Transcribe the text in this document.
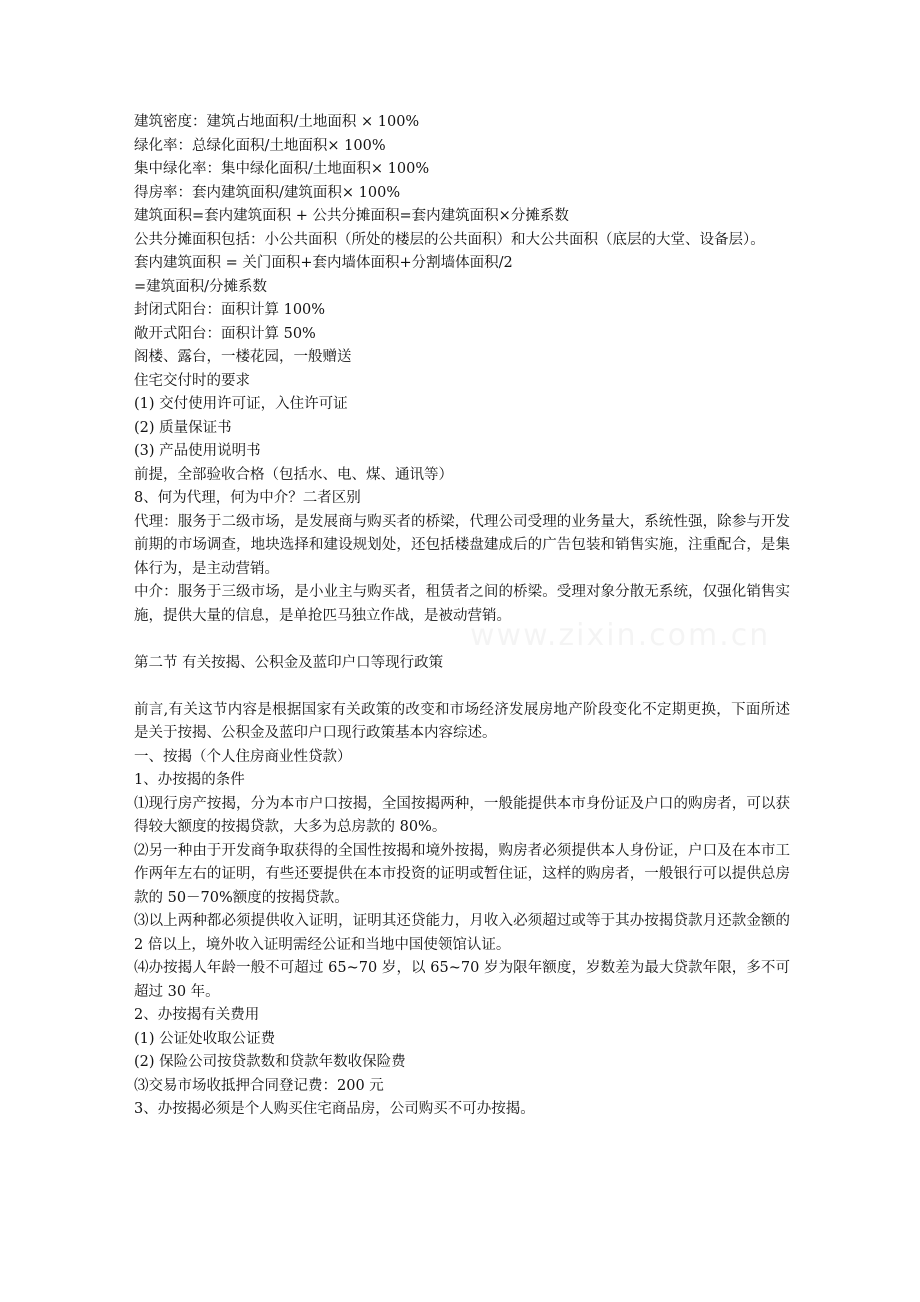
建筑密度：建筑占地面积/土地面积 × 100%
绿化率：总绿化面积/土地面积× 100%
集中绿化率：集中绿化面积/土地面积× 100%
得房率：套内建筑面积/建筑面积× 100%
建筑面积=套内建筑面积 + 公共分摊面积=套内建筑面积×分摊系数
公共分摊面积包括：小公共面积（所处的楼层的公共面积）和大公共面积（底层的大堂、设备层）。
套内建筑面积 = 关门面积+套内墙体面积+分割墙体面积/2
=建筑面积/分摊系数
封闭式阳台：面积计算 100%
敞开式阳台：面积计算 50%
阁楼、露台，一楼花园，一般赠送
住宅交付时的要求
(1) 交付使用许可证，入住许可证
(2) 质量保证书
(3) 产品使用说明书
前提，全部验收合格（包括水、电、煤、通讯等）
8、何为代理，何为中介？二者区别
代理：服务于二级市场，是发展商与购买者的桥梁，代理公司受理的业务量大，系统性强，除参与开发前期的市场调查，地块选择和建设规划处，还包括楼盘建成后的广告包装和销售实施，注重配合，是集体行为，是主动营销。
中介：服务于三级市场，是小业主与购买者，租赁者之间的桥梁。受理对象分散无系统，仅强化销售实施，提供大量的信息，是单抢匹马独立作战，是被动营销。
第二节 有关按揭、公积金及蓝印户口等现行政策
前言,有关这节内容是根据国家有关政策的改变和市场经济发展房地产阶段变化不定期更换，下面所述是关于按揭、公积金及蓝印户口现行政策基本内容综述。
一、按揭（个人住房商业性贷款）
1、办按揭的条件
⑴现行房产按揭，分为本市户口按揭，全国按揭两种，一般能提供本市身份证及户口的购房者，可以获得较大额度的按揭贷款，大多为总房款的 80%。
⑵另一种由于开发商争取获得的全国性按揭和境外按揭，购房者必须提供本人身份证，户口及在本市工作两年左右的证明，有些还要提供在本市投资的证明或暂住证，这样的购房者，一般银行可以提供总房款的 50－70%额度的按揭贷款。
⑶以上两种都必须提供收入证明，证明其还贷能力，月收入必须超过或等于其办按揭贷款月还款金额的 2 倍以上，境外收入证明需经公证和当地中国使领馆认证。
⑷办按揭人年龄一般不可超过 65~70 岁，以 65~70 岁为限年额度，岁数差为最大贷款年限，多不可超过 30 年。
2、办按揭有关费用
(1) 公证处收取公证费
(2) 保险公司按贷款数和贷款年数收保险费
⑶交易市场收抵押合同登记费：200 元
3、办按揭必须是个人购买住宅商品房，公司购买不可办按揭。
